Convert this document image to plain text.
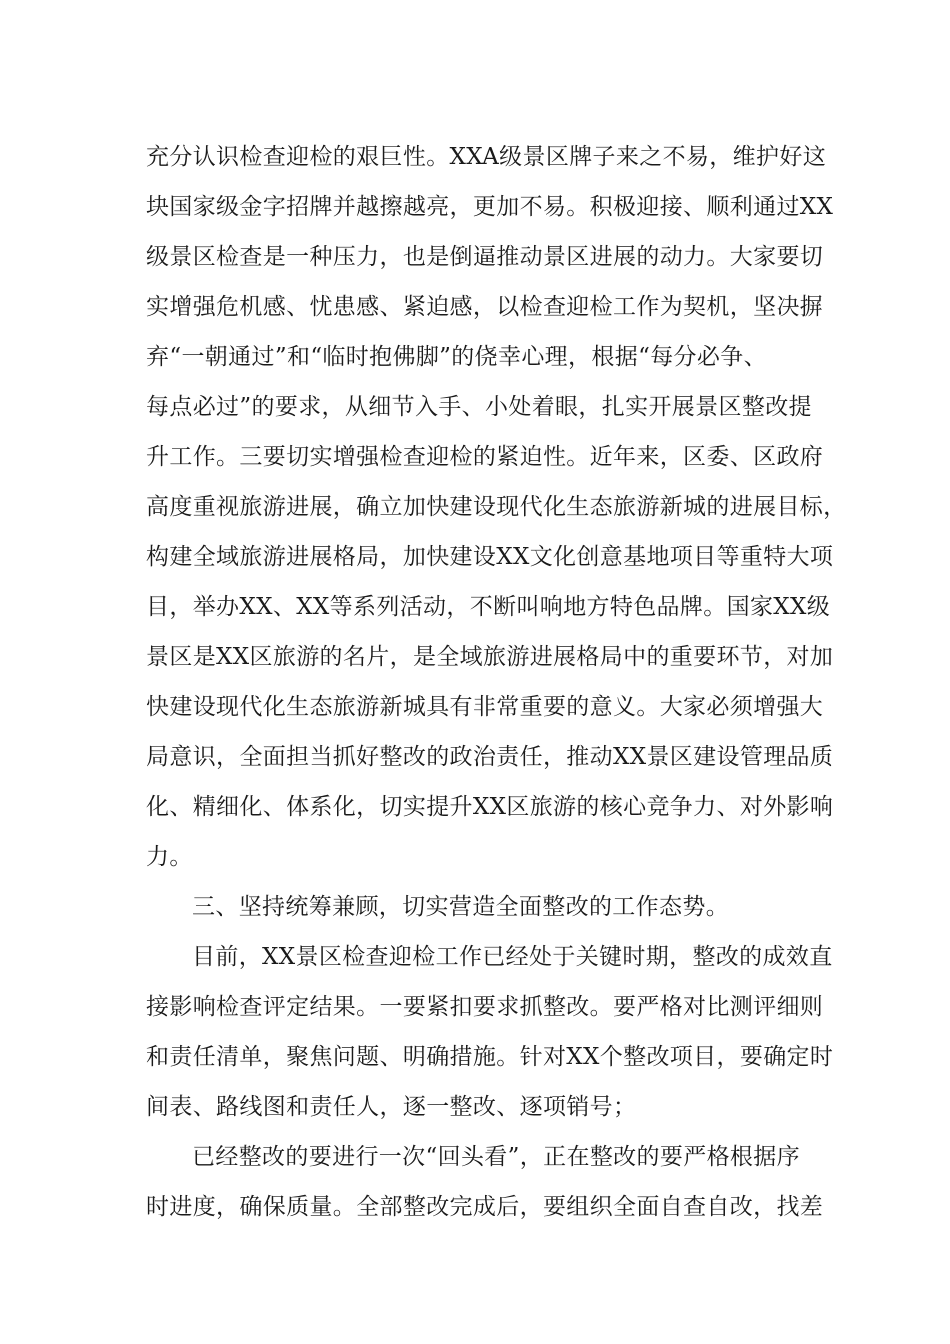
充分认识检查迎检的艰巨性。XXA级景区牌子来之不易，维护好这
块国家级金字招牌并越擦越亮，更加不易。积极迎接、顺利通过XX
级景区检查是一种压力，也是倒逼推动景区进展的动力。大家要切
实增强危机感、忧患感、紧迫感，以检查迎检工作为契机，坚决摒
弃“一朝通过”和“临时抱佛脚”的侥幸心理，根据“每分必争、
每点必过”的要求，从细节入手、小处着眼，扎实开展景区整改提
升工作。三要切实增强检查迎检的紧迫性。近年来，区委、区政府
高度重视旅游进展，确立加快建设现代化生态旅游新城的进展目标，
构建全域旅游进展格局，加快建设XX文化创意基地项目等重特大项
目，举办XX、XX等系列活动，不断叫响地方特色品牌。国家XX级
景区是XX区旅游的名片，是全域旅游进展格局中的重要环节，对加
快建设现代化生态旅游新城具有非常重要的意义。大家必须增强大
局意识，全面担当抓好整改的政治责任，推动XX景区建设管理品质
化、精细化、体系化，切实提升XX区旅游的核心竞争力、对外影响
力。
三、坚持统筹兼顾，切实营造全面整改的工作态势。
目前，XX景区检查迎检工作已经处于关键时期，整改的成效直
接影响检查评定结果。一要紧扣要求抓整改。要严格对比测评细则
和责任清单，聚焦问题、明确措施。针对XX个整改项目，要确定时
间表、路线图和责任人，逐一整改、逐项销号；
已经整改的要进行一次“回头看”，正在整改的要严格根据序
时进度，确保质量。全部整改完成后，要组织全面自查自改，找差
